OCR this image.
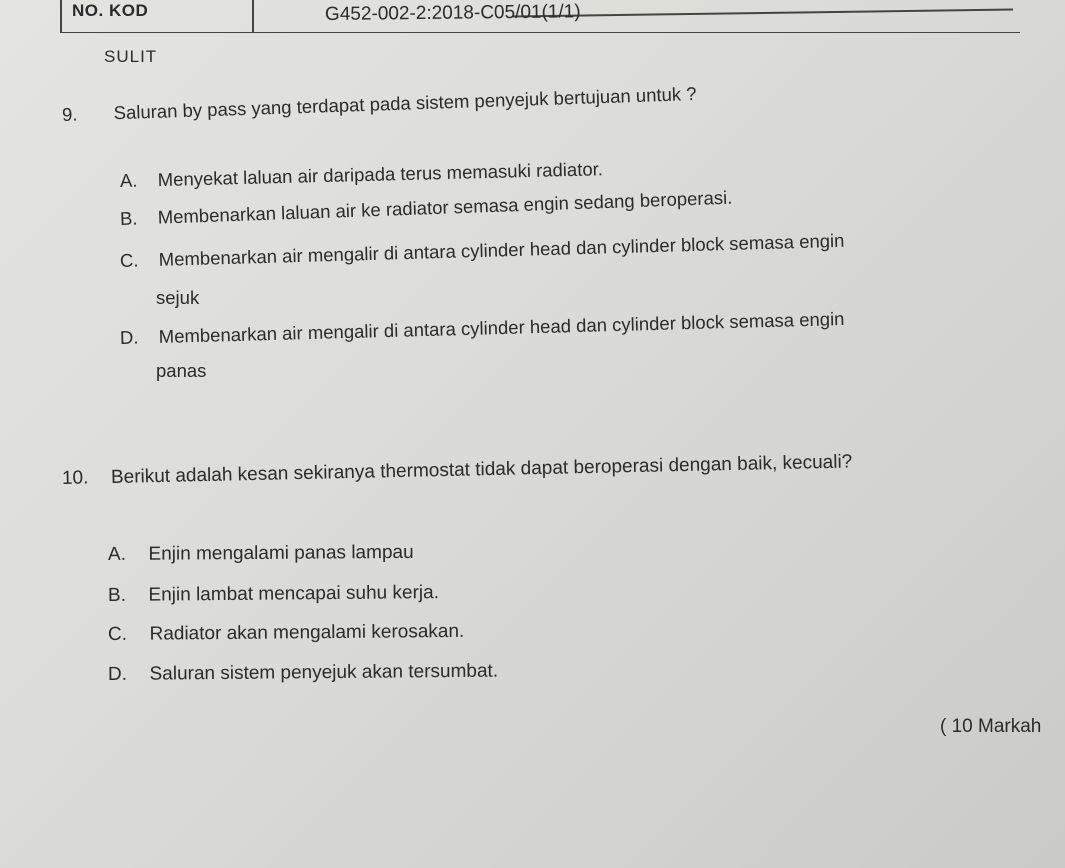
NO. KOD	G452-002-2:2018-C05/01(1/1)
SULIT
9. Saluran by pass yang terdapat pada sistem penyejuk bertujuan untuk ?
A. Menyekat laluan air daripada terus memasuki radiator.
B. Membenarkan laluan air ke radiator semasa engin sedang beroperasi.
C. Membenarkan air mengalir di antara cylinder head dan cylinder block semasa engin
sejuk
D. Membenarkan air mengalir di antara cylinder head dan cylinder block semasa engin
panas
10. Berikut adalah kesan sekiranya thermostat tidak dapat beroperasi dengan baik, kecuali?
A. Enjin mengalami panas lampau
B. Enjin lambat mencapai suhu kerja.
C. Radiator akan mengalami kerosakan.
D. Saluran sistem penyejuk akan tersumbat.
( 10 Markah
